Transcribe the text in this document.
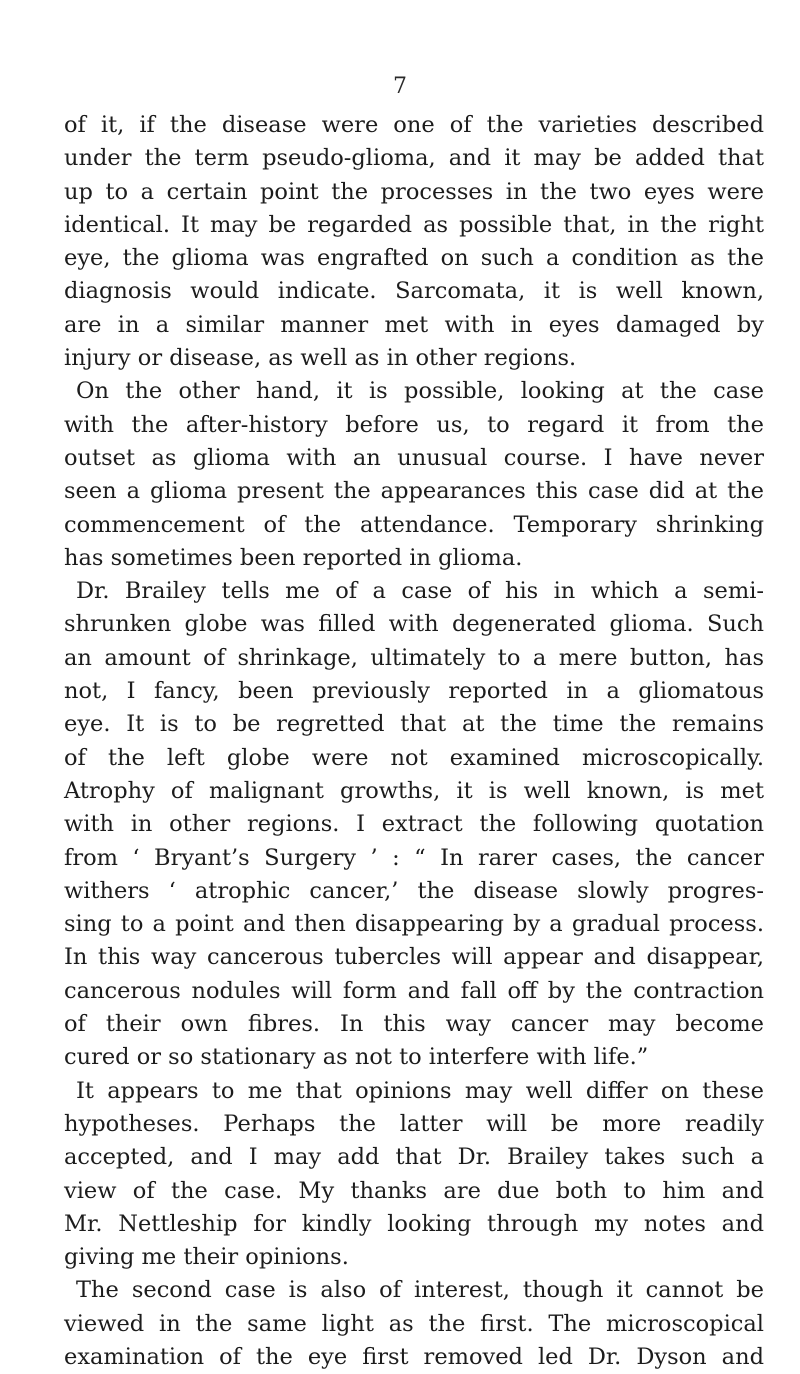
7
of it, if the disease were one of the varieties described
under the term pseudo-glioma, and it may be added that
up to a certain point the processes in the two eyes were
identical. It may be regarded as possible that, in the right
eye, the glioma was engrafted on such a condition as the
diagnosis would indicate. Sarcomata, it is well known,
are in a similar manner met with in eyes damaged by
injury or disease, as well as in other regions.
On the other hand, it is possible, looking at the case
with the after-history before us, to regard it from the
outset as glioma with an unusual course. I have never
seen a glioma present the appearances this case did at the
commencement of the attendance. Temporary shrinking
has sometimes been reported in glioma.
Dr. Brailey tells me of a case of his in which a semi-
shrunken globe was filled with degenerated glioma. Such
an amount of shrinkage, ultimately to a mere button, has
not, I fancy, been previously reported in a gliomatous
eye. It is to be regretted that at the time the remains
of the left globe were not examined microscopically.
Atrophy of malignant growths, it is well known, is met
with in other regions. I extract the following quotation
from ‘ Bryant’s Surgery ’ : “ In rarer cases, the cancer
withers ‘ atrophic cancer,’ the disease slowly progres-
sing to a point and then disappearing by a gradual process.
In this way cancerous tubercles will appear and disappear,
cancerous nodules will form and fall off by the contraction
of their own fibres. In this way cancer may become
cured or so stationary as not to interfere with life.”
It appears to me that opinions may well differ on these
hypotheses. Perhaps the latter will be more readily
accepted, and I may add that Dr. Brailey takes such a
view of the case. My thanks are due both to him and
Mr. Nettleship for kindly looking through my notes and
giving me their opinions.
The second case is also of interest, though it cannot be
viewed in the same light as the first. The microscopical
examination of the eye first removed led Dr. Dyson and
